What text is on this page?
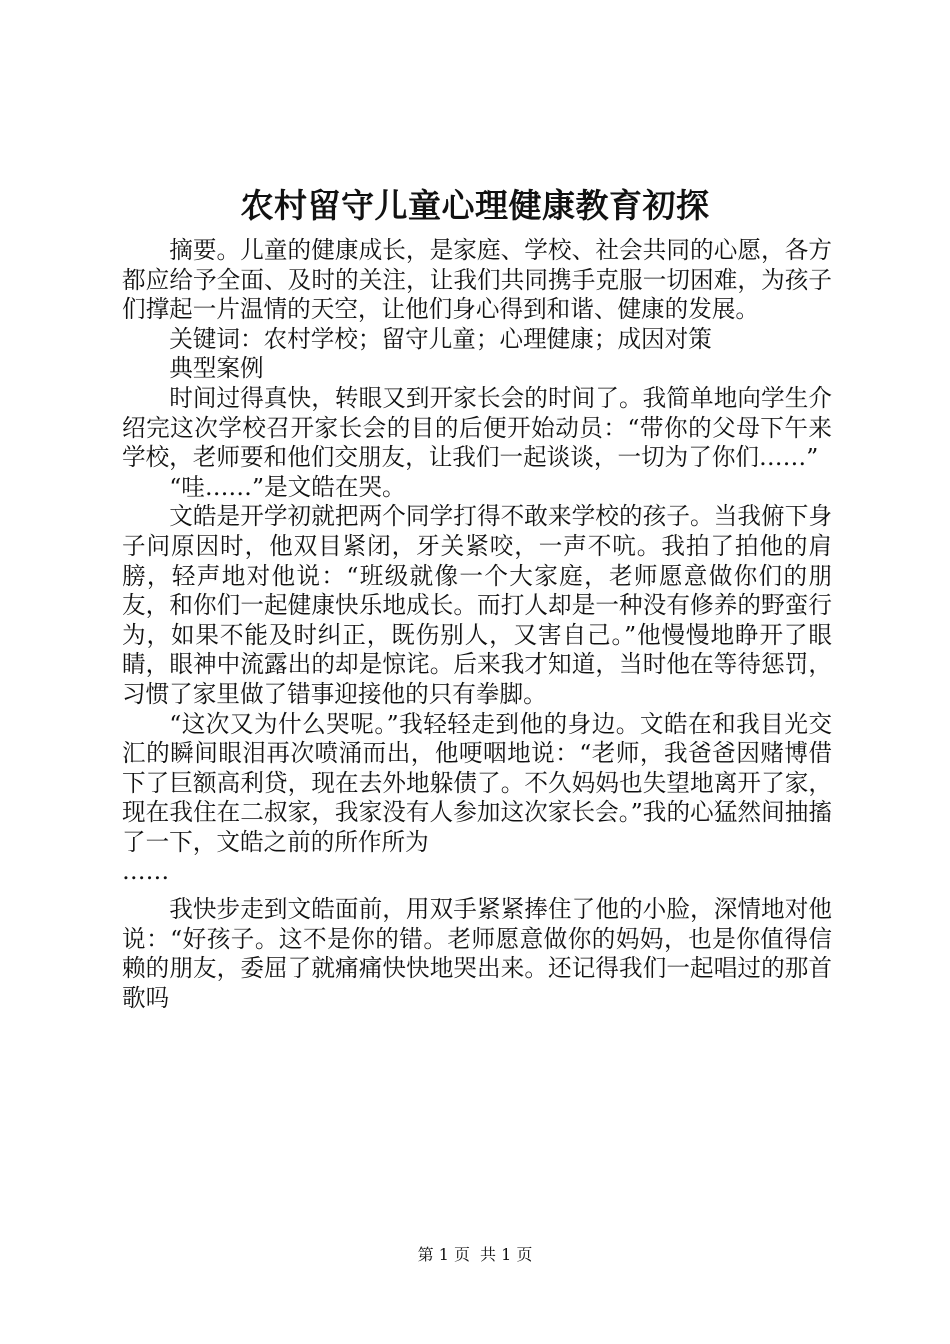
农村留守儿童心理健康教育初探

摘要。儿童的健康成长，是家庭、学校、社会共同的心愿，各方都应给予全面、及时的关注，让我们共同携手克服一切困难，为孩子们撑起一片温情的天空，让他们身心得到和谐、健康的发展。

关键词：农村学校；留守儿童；心理健康；成因对策

典型案例

时间过得真快，转眼又到开家长会的时间了。我简单地向学生介绍完这次学校召开家长会的目的后便开始动员：“带你的父母下午来学校，老师要和他们交朋友，让我们一起谈谈，一切为了你们……”

“哇……”是文皓在哭。

文皓是开学初就把两个同学打得不敢来学校的孩子。当我俯下身子问原因时，他双目紧闭，牙关紧咬，一声不吭。我拍了拍他的肩膀，轻声地对他说：“班级就像一个大家庭，老师愿意做你们的朋友，和你们一起健康快乐地成长。而打人却是一种没有修养的野蛮行为，如果不能及时纠正，既伤别人，又害自己。”他慢慢地睁开了眼睛，眼神中流露出的却是惊诧。后来我才知道，当时他在等待惩罚，习惯了家里做了错事迎接他的只有拳脚。

“这次又为什么哭呢。”我轻轻走到他的身边。文皓在和我目光交汇的瞬间眼泪再次喷涌而出，他哽咽地说：“老师，我爸爸因赌博借下了巨额高利贷，现在去外地躲债了。不久妈妈也失望地离开了家，现在我住在二叔家，我家没有人参加这次家长会。”我的心猛然间抽搐了一下，文皓之前的所作所为

……

我快步走到文皓面前，用双手紧紧捧住了他的小脸，深情地对他说：“好孩子。这不是你的错。老师愿意做你的妈妈，也是你值得信赖的朋友，委屈了就痛痛快快地哭出来。还记得我们一起唱过的那首歌吗

第 1 页 共 1 页
